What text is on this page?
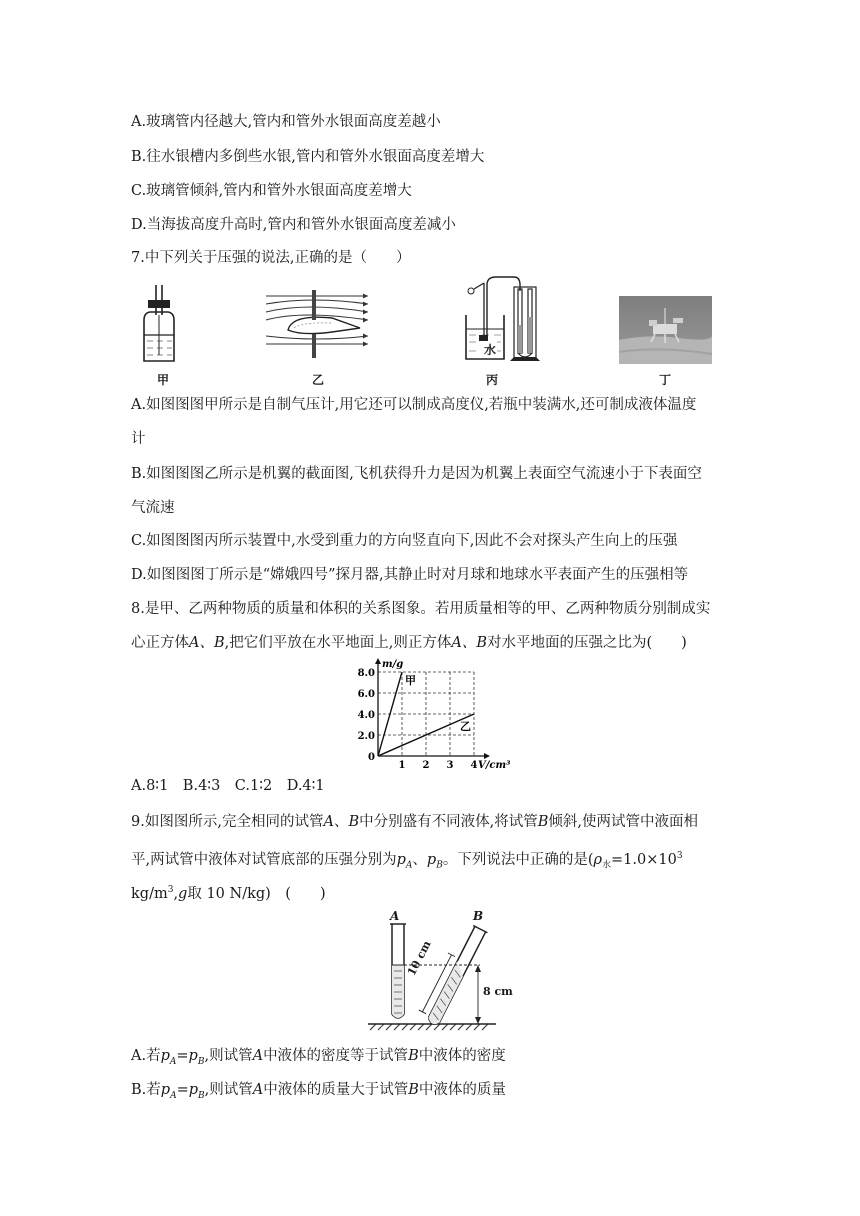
A.玻璃管内径越大,管内和管外水银面高度差越小
B.往水银槽内多倒些水银,管内和管外水银面高度差增大
C.玻璃管倾斜,管内和管外水银面高度差增大
D.当海拔高度升高时,管内和管外水银面高度差减小
7.中下列关于压强的说法,正确的是（　　）
甲	乙
水
丙	丁
A.如图图图甲所示是自制气压计,用它还可以制成高度仪,若瓶中装满水,还可制成液体温度
计
B.如图图图乙所示是机翼的截面图,飞机获得升力是因为机翼上表面空气流速小于下表面空
气流速
C.如图图图丙所示装置中,水受到重力的方向竖直向下,因此不会对探头产生向上的压强
D.如图图图丁所示是“嫦娥四号”探月器,其静止时对月球和地球水平表面产生的压强相等
8.是甲、乙两种物质的质量和体积的关系图象。若用质量相等的甲、乙两种物质分别制成实
心正方体A、B,把它们平放在水平地面上,则正方体A、B对水平地面的压强之比为(　　)
1 2 3 4
2.0
4.0
6.0
8.0
0
V/cm³
m/g
甲
乙
A.8∶1　B.4∶3　C.1∶2　D.4∶1
9.如图图所示,完全相同的试管A、B中分别盛有不同液体,将试管B倾斜,使两试管中液面相
平,两试管中液体对试管底部的压强分别为$p_A$、$p_B$。下列说法中正确的是($\rho_水=1.0\times 10^3$
$kg/m^3,g$取 10 N/kg)　(　　)
A	B
10 cm
8 cm
A.若$p_A=p_B$,则试管A中液体的密度等于试管B中液体的密度
B.若$p_A=p_B$,则试管A中液体的质量大于试管B中液体的质量
